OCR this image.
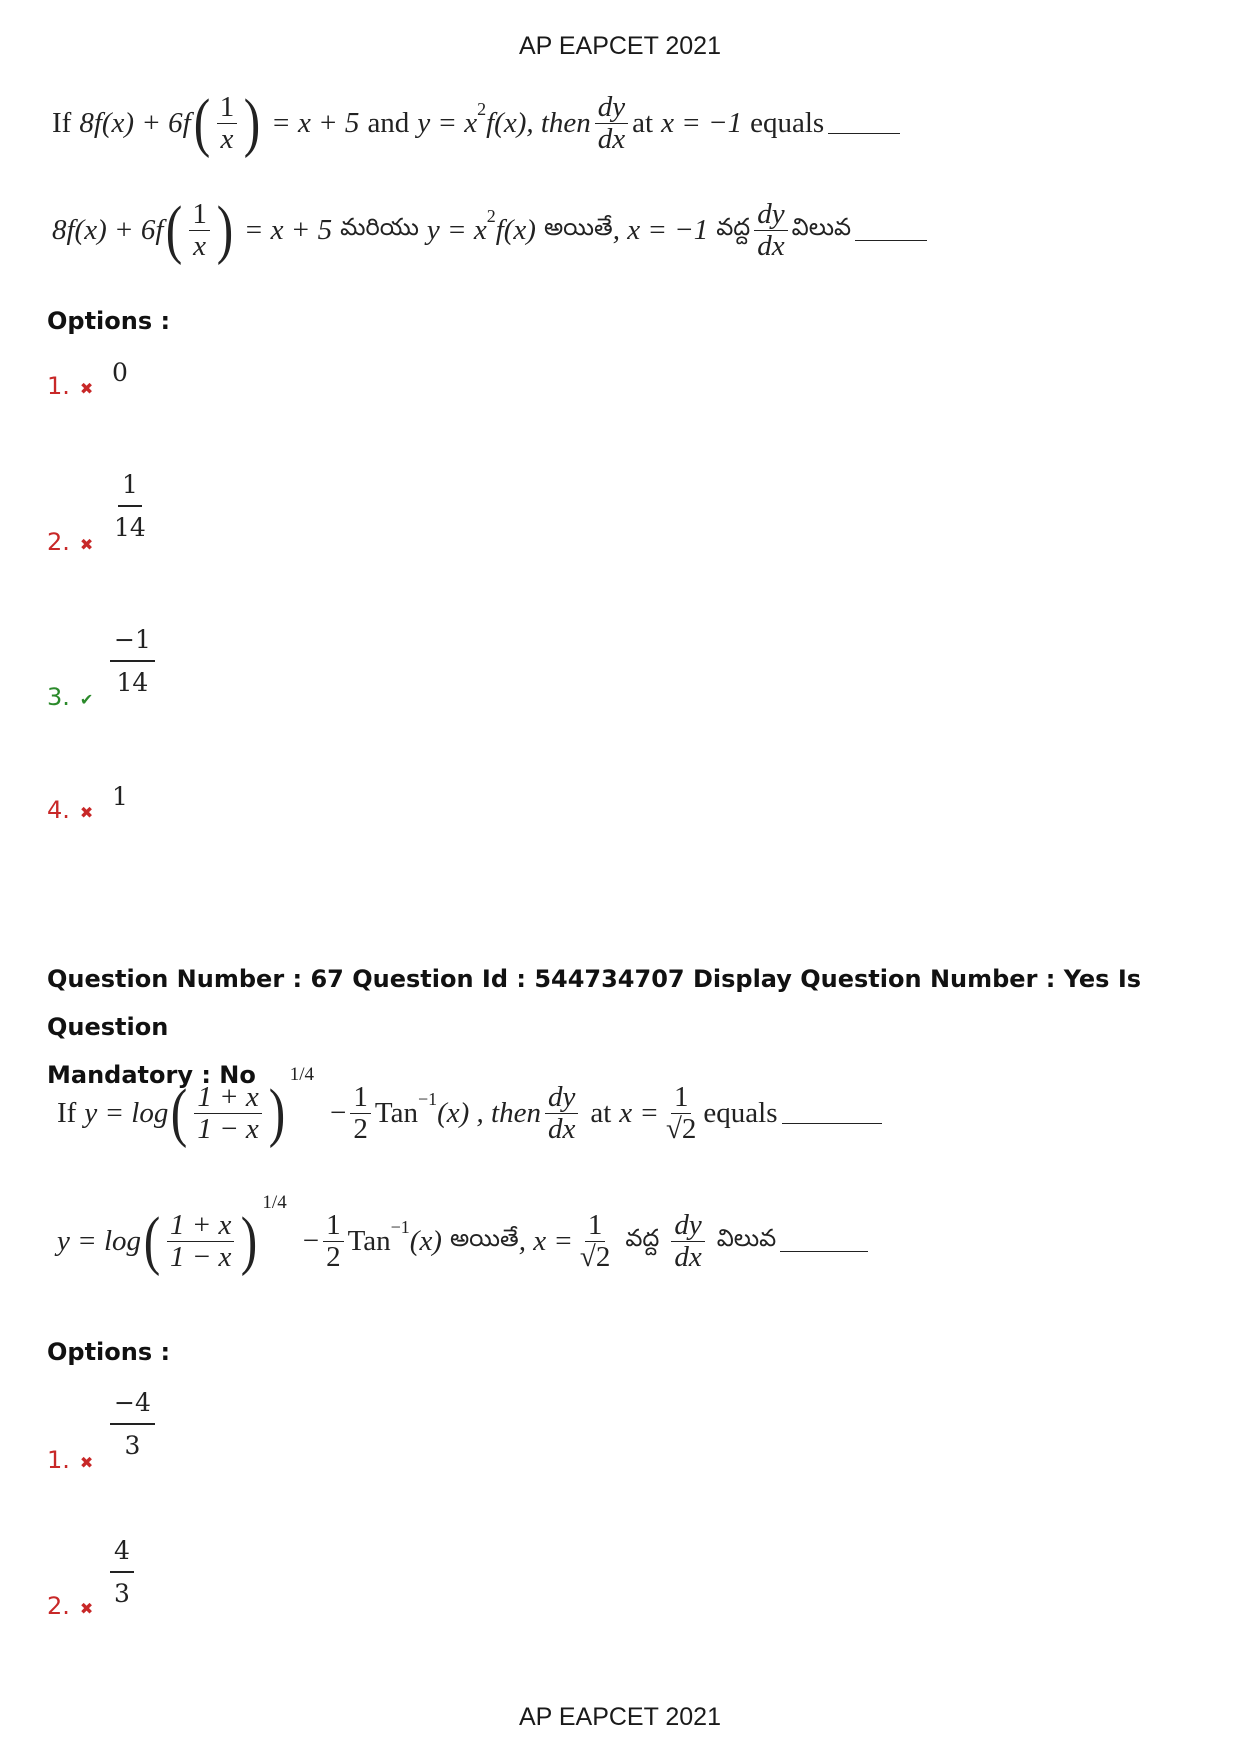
AP EAPCET 2021
If 8f(x) + 6f ( $\frac{1}{x}$ ) = x + 5 and y = x 2 f(x), then $\frac{dy}{dx}$ at x = −1 equals
8f(x) + 6f ( $\frac{1}{x}$ ) = x + 5 మరియు y = x 2 f(x) అయితే , x = −1 వద్ద $\frac{dy}{dx}$ విలువ
Options :
1. ✖
0
2. ✖
$\frac{1}{14}$
3. ✔
$\frac{-1}{14}$
4. ✖
1
Question Number : 67 Question Id : 544734707 Display Question Number : Yes Is Question
Mandatory : No
If y = log ( $\frac{1 + x}{1 - x}$ )
1/4
− $\frac{1}{2}$ Tan −1 (x) , then $\frac{dy}{dx}$ at $x = \frac{1}{√2}$ equals
y = log ( $\frac{1 + x}{1 - x}$ )
1/4
− $\frac{1}{2}$ Tan −1 (x) అయితే , $x = \frac{1}{√2}$ వద్ద $\frac{dy}{dx}$ విలువ
Options :
1. ✖
$\frac{-4}{3}$
2. ✖
$\frac{4}{3}$
AP EAPCET 2021
